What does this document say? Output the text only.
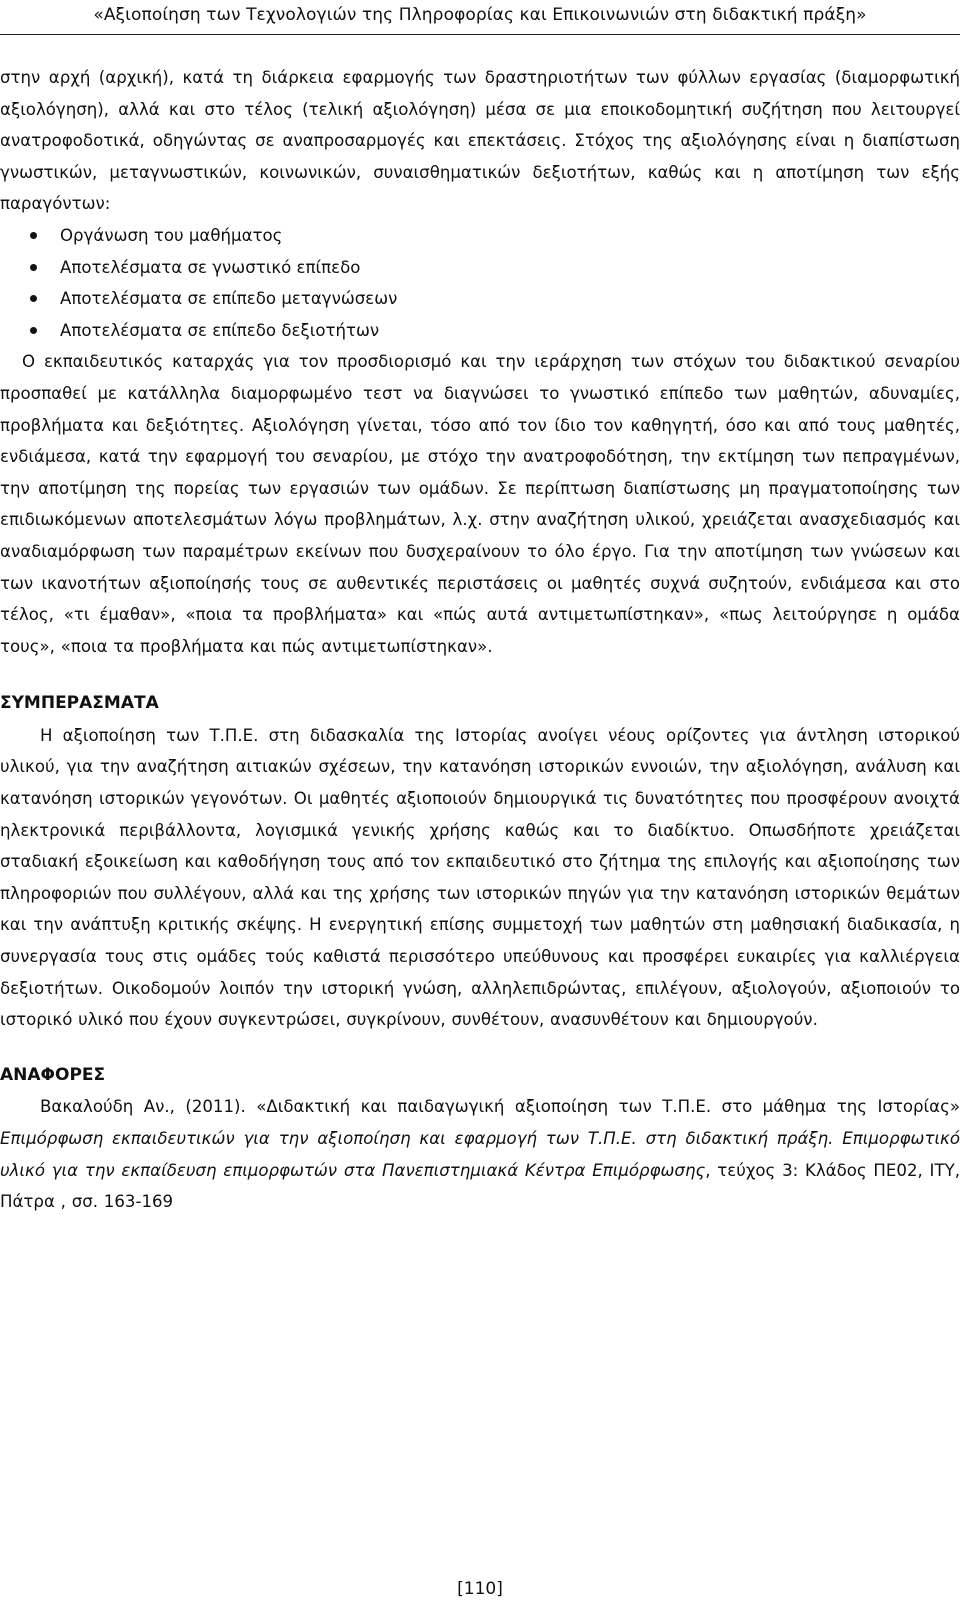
«Αξιοποίηση των Τεχνολογιών της Πληροφορίας και Επικοινωνιών στη διδακτική πράξη»

στην αρχή (αρχική), κατά τη διάρκεια εφαρμογής των δραστηριοτήτων των φύλλων εργασίας (διαμορφωτική αξιολόγηση), αλλά και στο τέλος (τελική αξιολόγηση) μέσα σε μια εποικοδομητική συζήτηση που λειτουργεί ανατροφοδοτικά, οδηγώντας σε αναπροσαρμογές και επεκτάσεις. Στόχος της αξιολόγησης είναι η διαπίστωση γνωστικών, μεταγνωστικών, κοινωνικών, συναισθηματικών δεξιοτήτων, καθώς και η αποτίμηση των εξής παραγόντων:

Οργάνωση του μαθήματος
Αποτελέσματα σε γνωστικό επίπεδο
Αποτελέσματα σε επίπεδο μεταγνώσεων
Αποτελέσματα σε επίπεδο δεξιοτήτων

Ο εκπαιδευτικός καταρχάς για τον προσδιορισμό και την ιεράρχηση των στόχων του διδακτικού σεναρίου προσπαθεί με κατάλληλα διαμορφωμένο τεστ να διαγνώσει το γνωστικό επίπεδο των μαθητών, αδυναμίες, προβλήματα και δεξιότητες. Αξιολόγηση γίνεται, τόσο από τον ίδιο τον καθηγητή, όσο και από τους μαθητές, ενδιάμεσα, κατά την εφαρμογή του σεναρίου, με στόχο την ανατροφοδότηση, την εκτίμηση των πεπραγμένων, την αποτίμηση της πορείας των εργασιών των ομάδων. Σε περίπτωση διαπίστωσης μη πραγματοποίησης των επιδιωκόμενων αποτελεσμάτων λόγω προβλημάτων, λ.χ. στην αναζήτηση υλικού, χρειάζεται ανασχεδιασμός και αναδιαμόρφωση των παραμέτρων εκείνων που δυσχεραίνουν το όλο έργο. Για την αποτίμηση των γνώσεων και των ικανοτήτων αξιοποίησής τους σε αυθεντικές περιστάσεις οι μαθητές συχνά συζητούν, ενδιάμεσα και στο τέλος, «τι έμαθαν», «ποια τα προβλήματα» και «πώς αυτά αντιμετωπίστηκαν», «πως λειτούργησε η ομάδα τους», «ποια τα προβλήματα και πώς αντιμετωπίστηκαν».

ΣΥΜΠΕΡΑΣΜΑΤΑ

Η αξιοποίηση των Τ.Π.Ε. στη διδασκαλία της Ιστορίας ανοίγει νέους ορίζοντες για άντληση ιστορικού υλικού, για την αναζήτηση αιτιακών σχέσεων, την κατανόηση ιστορικών εννοιών, την αξιολόγηση, ανάλυση και κατανόηση ιστορικών γεγονότων. Οι μαθητές αξιοποιούν δημιουργικά τις δυνατότητες που προσφέρουν ανοιχτά ηλεκτρονικά περιβάλλοντα, λογισμικά γενικής χρήσης καθώς και το διαδίκτυο. Οπωσδήποτε χρειάζεται σταδιακή εξοικείωση και καθοδήγηση τους από τον εκπαιδευτικό στο ζήτημα της επιλογής και αξιοποίησης των πληροφοριών που συλλέγουν, αλλά και της χρήσης των ιστορικών πηγών για την κατανόηση ιστορικών θεμάτων και την ανάπτυξη κριτικής σκέψης. Η ενεργητική επίσης συμμετοχή των μαθητών στη μαθησιακή διαδικασία, η συνεργασία τους στις ομάδες τούς καθιστά περισσότερο υπεύθυνους και προσφέρει ευκαιρίες για καλλιέργεια δεξιοτήτων. Οικοδομούν λοιπόν την ιστορική γνώση, αλληλεπιδρώντας, επιλέγουν, αξιολογούν, αξιοποιούν το ιστορικό υλικό που έχουν συγκεντρώσει, συγκρίνουν, συνθέτουν, ανασυνθέτουν και δημιουργούν.

ΑΝΑΦΟΡΕΣ

Βακαλούδη Αν., (2011). «Διδακτική και παιδαγωγική αξιοποίηση των Τ.Π.Ε. στο μάθημα της Ιστορίας» Επιμόρφωση εκπαιδευτικών για την αξιοποίηση και εφαρμογή των Τ.Π.Ε. στη διδακτική πράξη. Επιμορφωτικό υλικό για την εκπαίδευση επιμορφωτών στα Πανεπιστημιακά Κέντρα Επιμόρφωσης, τεύχος 3: Κλάδος ΠΕ02, ΙΤΥ, Πάτρα , σσ. 163-169

[110]
